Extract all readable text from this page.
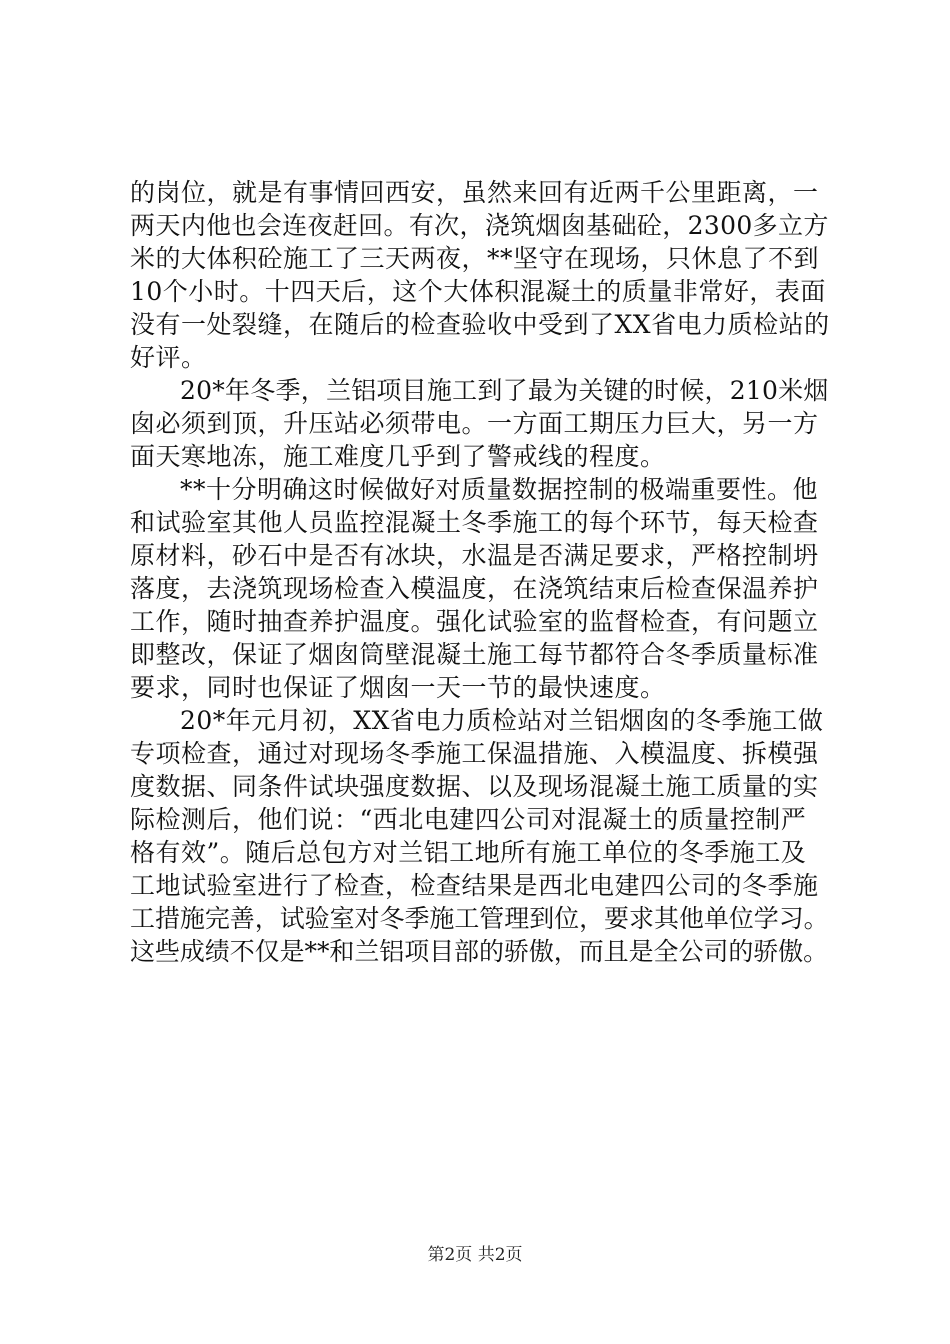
的岗位，就是有事情回西安，虽然来回有近两千公里距离，一
两天内他也会连夜赶回。有次，浇筑烟囱基础砼，2300多立方
米的大体积砼施工了三天两夜，**坚守在现场，只休息了不到
10个小时。十四天后，这个大体积混凝土的质量非常好，表面
没有一处裂缝，在随后的检查验收中受到了XX省电力质检站的
好评。
20*年冬季，兰铝项目施工到了最为关键的时候，210米烟
囱必须到顶，升压站必须带电。一方面工期压力巨大，另一方
面天寒地冻，施工难度几乎到了警戒线的程度。
**十分明确这时候做好对质量数据控制的极端重要性。他
和试验室其他人员监控混凝土冬季施工的每个环节，每天检查
原材料，砂石中是否有冰块，水温是否满足要求，严格控制坍
落度，去浇筑现场检查入模温度，在浇筑结束后检查保温养护
工作，随时抽查养护温度。强化试验室的监督检查，有问题立
即整改，保证了烟囱筒壁混凝土施工每节都符合冬季质量标准
要求，同时也保证了烟囱一天一节的最快速度。
20*年元月初，XX省电力质检站对兰铝烟囱的冬季施工做
专项检查，通过对现场冬季施工保温措施、入模温度、拆模强
度数据、同条件试块强度数据、以及现场混凝土施工质量的实
际检测后，他们说：“西北电建四公司对混凝土的质量控制严
格有效”。随后总包方对兰铝工地所有施工单位的冬季施工及
工地试验室进行了检查，检查结果是西北电建四公司的冬季施
工措施完善，试验室对冬季施工管理到位，要求其他单位学习。
这些成绩不仅是**和兰铝项目部的骄傲，而且是全公司的骄傲。
第2页 共2页
